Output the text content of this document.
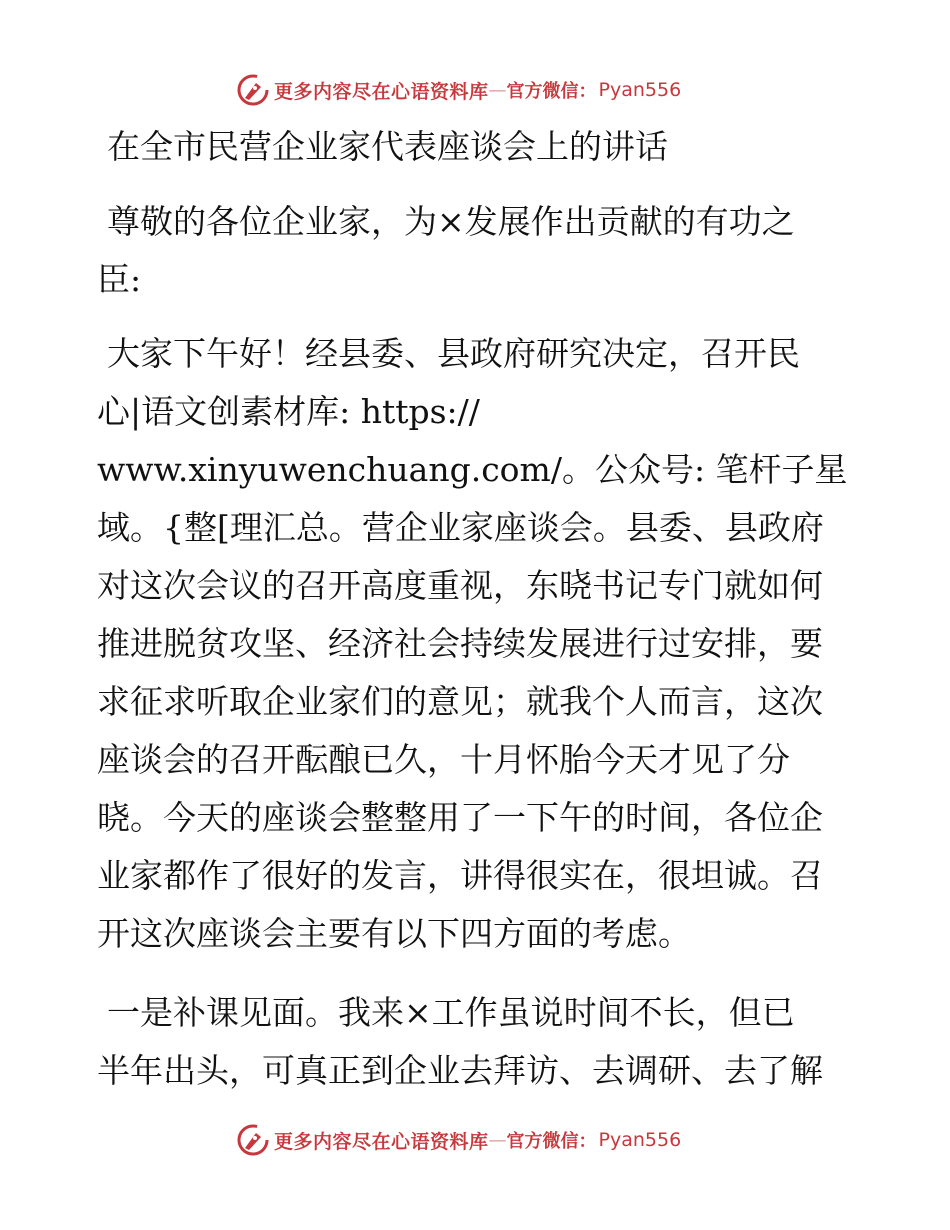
更多内容尽在心语资料库 — 官方微信： Pyan556
在全市民营企业家代表座谈会上的讲话
尊敬的各位企业家，为×发展作出贡献的有功之
臣:
大家下午好！经县委、县政府研究决定，召开民
心|语文创素材库: https://
www.xinyuwenchuang.com/。公众号: 笔杆子星
域。{整[理汇总。营企业家座谈会。县委、县政府
对这次会议的召开高度重视，东晓书记专门就如何
推进脱贫攻坚、经济社会持续发展进行过安排，要
求征求听取企业家们的意见；就我个人而言，这次
座谈会的召开酝酿已久，十月怀胎今天才见了分
晓。今天的座谈会整整用了一下午的时间，各位企
业家都作了很好的发言，讲得很实在，很坦诚。召
开这次座谈会主要有以下四方面的考虑。
一是补课见面。我来×工作虽说时间不长，但已
半年出头，可真正到企业去拜访、去调研、去了解
更多内容尽在心语资料库 — 官方微信： Pyan556
